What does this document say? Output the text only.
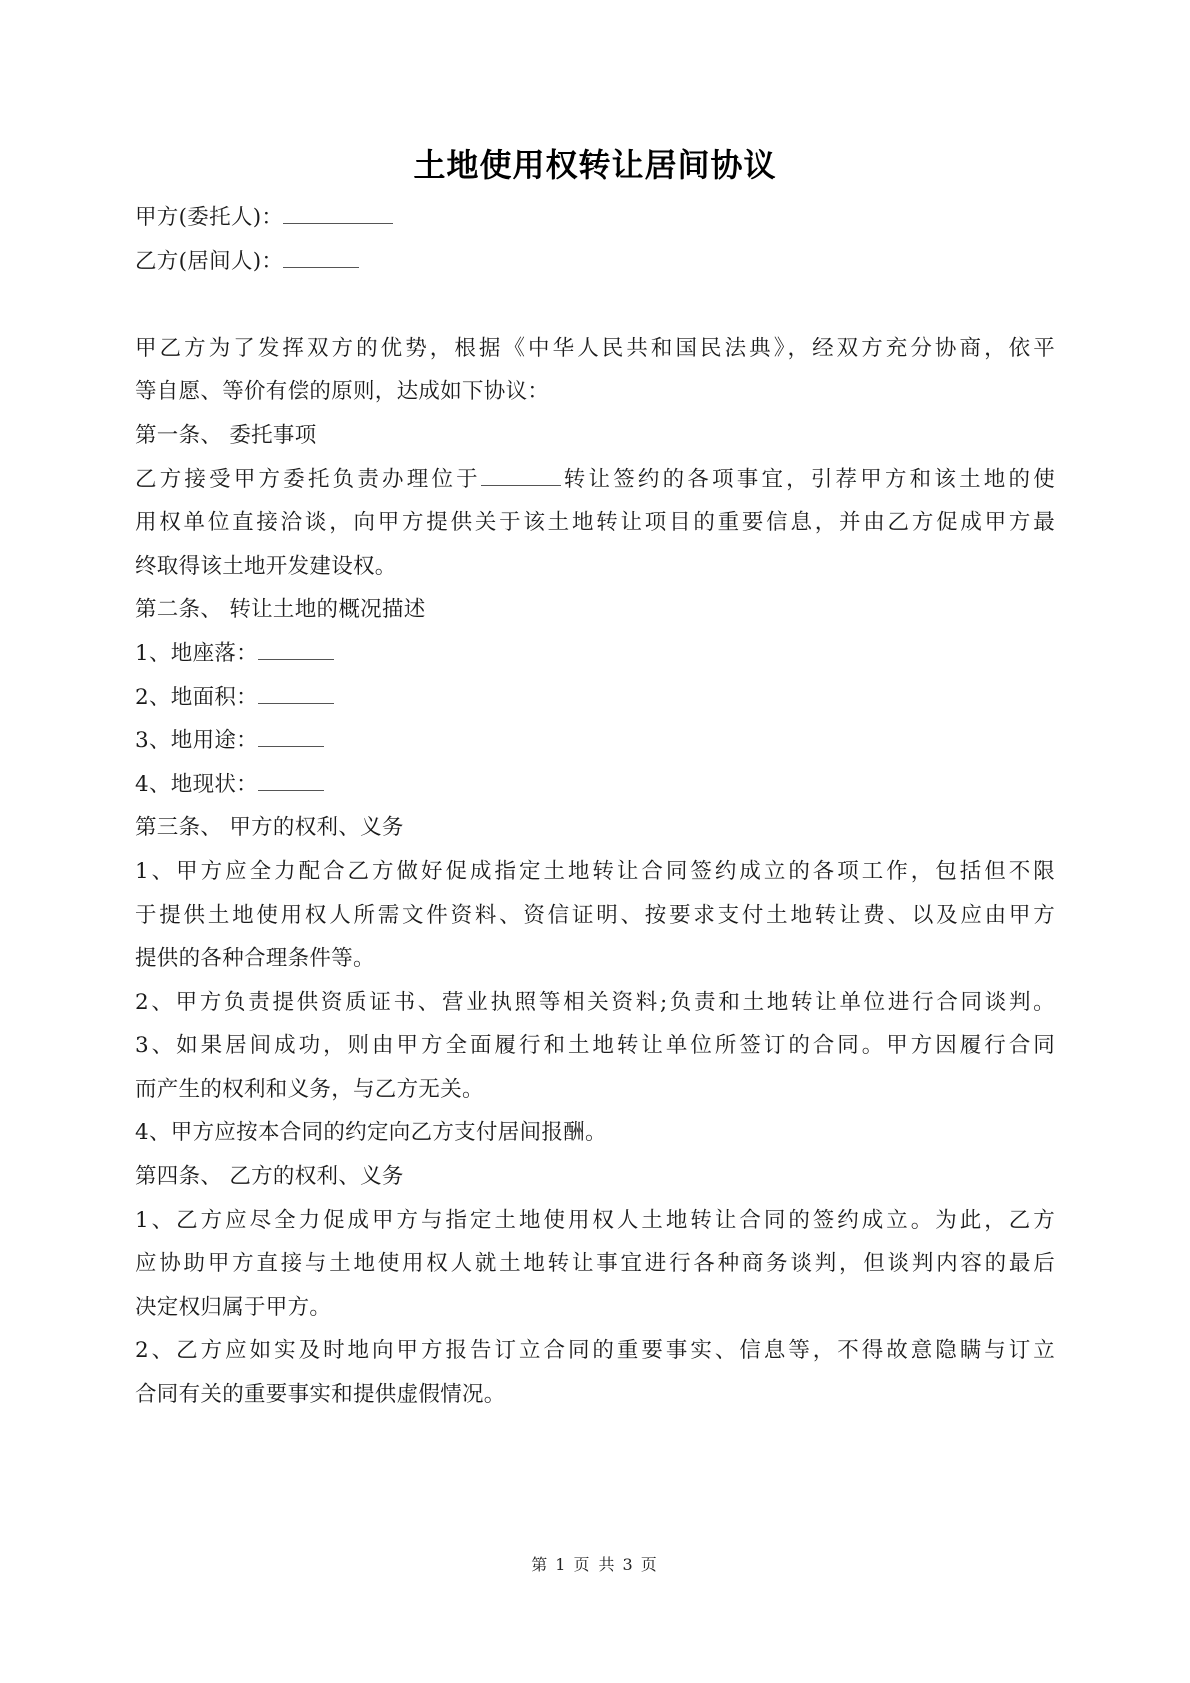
土地使用权转让居间协议
甲方(委托人)：
乙方(居间人)：
甲乙方为了发挥双方的优势，根据《中华人民共和国民法典》，经双方充分协商，依平
等自愿、等价有偿的原则，达成如下协议：
第一条、 委托事项
乙方接受甲方委托负责办理位于	转让签约的各项事宜，引荐甲方和该土地的使
用权单位直接洽谈，向甲方提供关于该土地转让项目的重要信息，并由乙方促成甲方最
终取得该土地开发建设权。
第二条、 转让土地的概况描述
1、地座落：
2、地面积：
3、地用途：
4、地现状：
第三条、 甲方的权利、义务
1、甲方应全力配合乙方做好促成指定土地转让合同签约成立的各项工作，包括但不限
于提供土地使用权人所需文件资料、资信证明、按要求支付土地转让费、以及应由甲方
提供的各种合理条件等。
2、甲方负责提供资质证书、营业执照等相关资料;负责和土地转让单位进行合同谈判。
3、如果居间成功，则由甲方全面履行和土地转让单位所签订的合同。甲方因履行合同
而产生的权利和义务，与乙方无关。
4、甲方应按本合同的约定向乙方支付居间报酬。
第四条、 乙方的权利、义务
1、乙方应尽全力促成甲方与指定土地使用权人土地转让合同的签约成立。为此，乙方
应协助甲方直接与土地使用权人就土地转让事宜进行各种商务谈判，但谈判内容的最后
决定权归属于甲方。
2、乙方应如实及时地向甲方报告订立合同的重要事实、信息等，不得故意隐瞒与订立
合同有关的重要事实和提供虚假情况。
第 1 页 共 3 页
